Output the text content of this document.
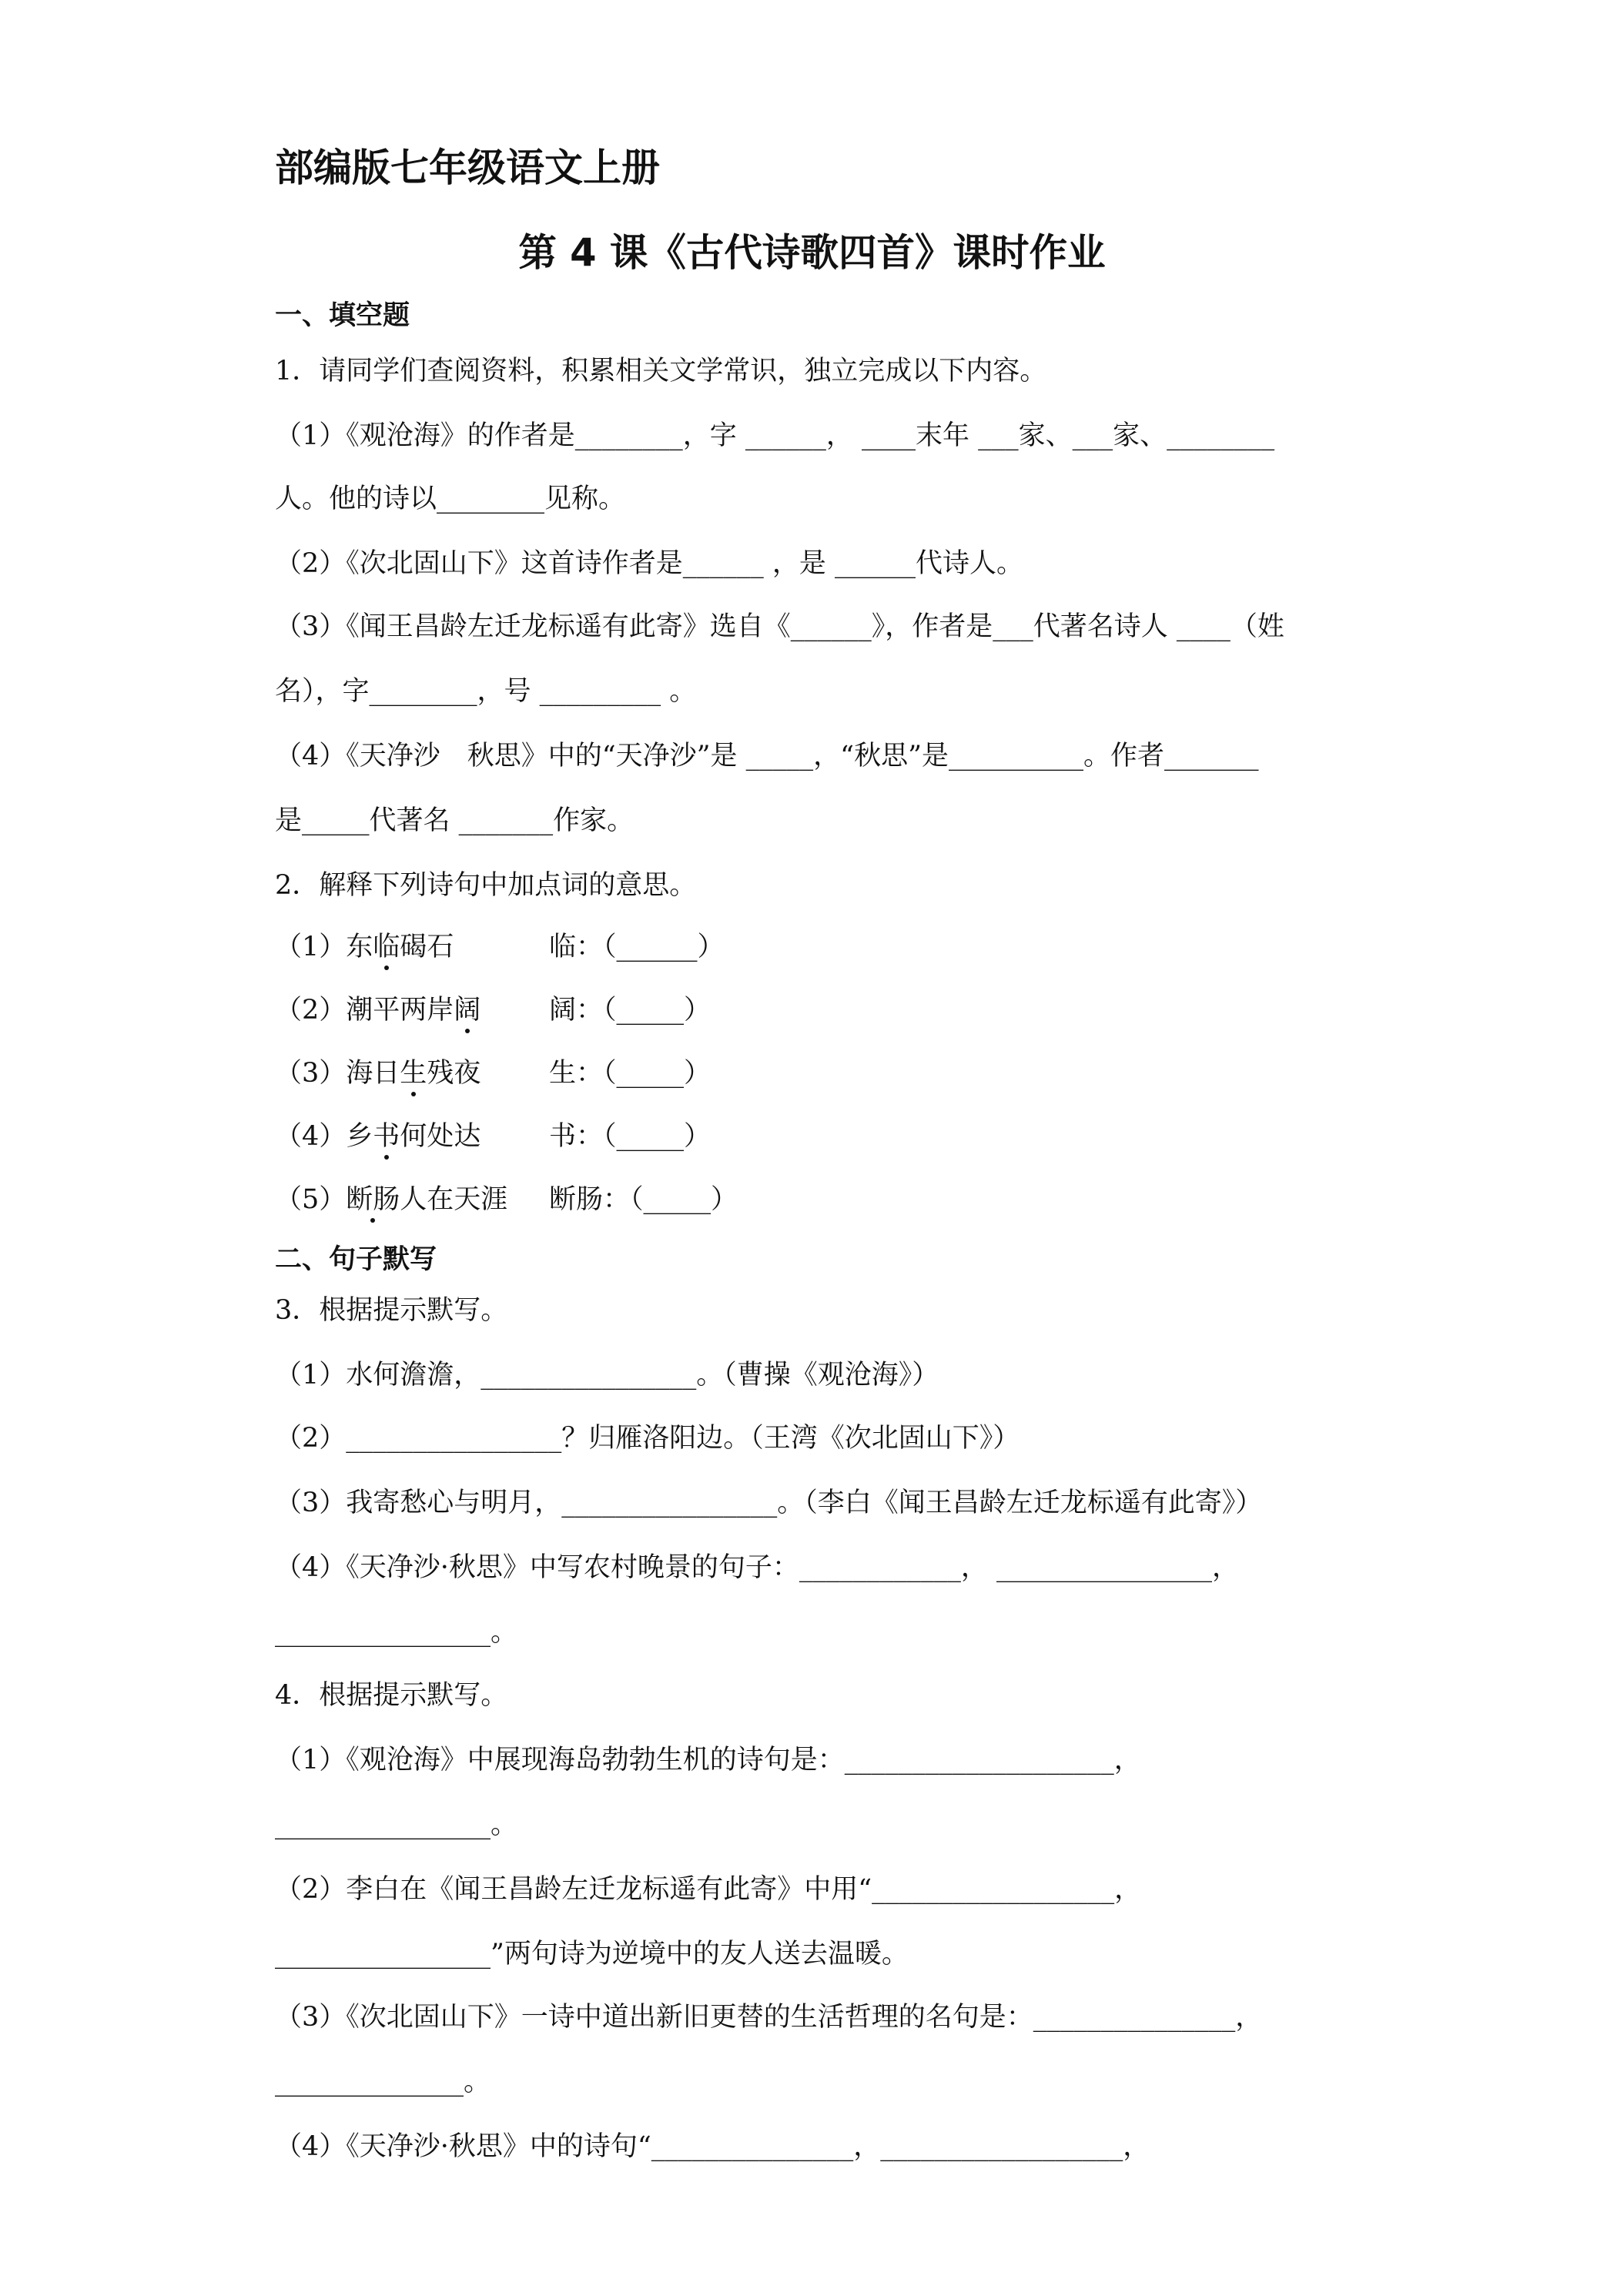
部编版七年级语文上册
第 4 课《古代诗歌四首》课时作业
一、填空题
1．请同学们查阅资料，积累相关文学常识，独立完成以下内容。
（1）《观沧海》的作者是________，字 ______， ____末年 ___家、___家、________
人。他的诗以________见称。
（2）《次北固山下》这首诗作者是______ ，是 ______代诗人。
（3）《闻王昌龄左迁龙标遥有此寄》选自《______》，作者是___代著名诗人 ____（姓
名），字________，号 _________ 。
（4）《天净沙　秋思》中的“天净沙”是 _____，“秋思”是__________。作者_______
是_____代著名 _______作家。
2．解释下列诗句中加点词的意思。
（1）东临碣石	临：（______）
（2）潮平两岸阔	阔：（_____）
（3）海日生残夜	生：（_____）
（4）乡书何处达	书：（_____）
（5）断肠人在天涯 断肠：（_____）
二、句子默写
3．根据提示默写。
（1）水何澹澹，________________。（曹操《观沧海》）
（2）________________？归雁洛阳边。（王湾《次北固山下》）
（3）我寄愁心与明月，________________。（李白《闻王昌龄左迁龙标遥有此寄》）
（4）《天净沙·秋思》中写农村晚景的句子：____________， ________________，
________________。
4．根据提示默写。
（1）《观沧海》中展现海岛勃勃生机的诗句是：____________________，
________________。
（2）李白在《闻王昌龄左迁龙标遥有此寄》中用“__________________，
________________”两句诗为逆境中的友人送去温暖。
（3）《次北固山下》一诗中道出新旧更替的生活哲理的名句是：_______________，
______________。
（4）《天净沙·秋思》中的诗句“_______________，__________________，
